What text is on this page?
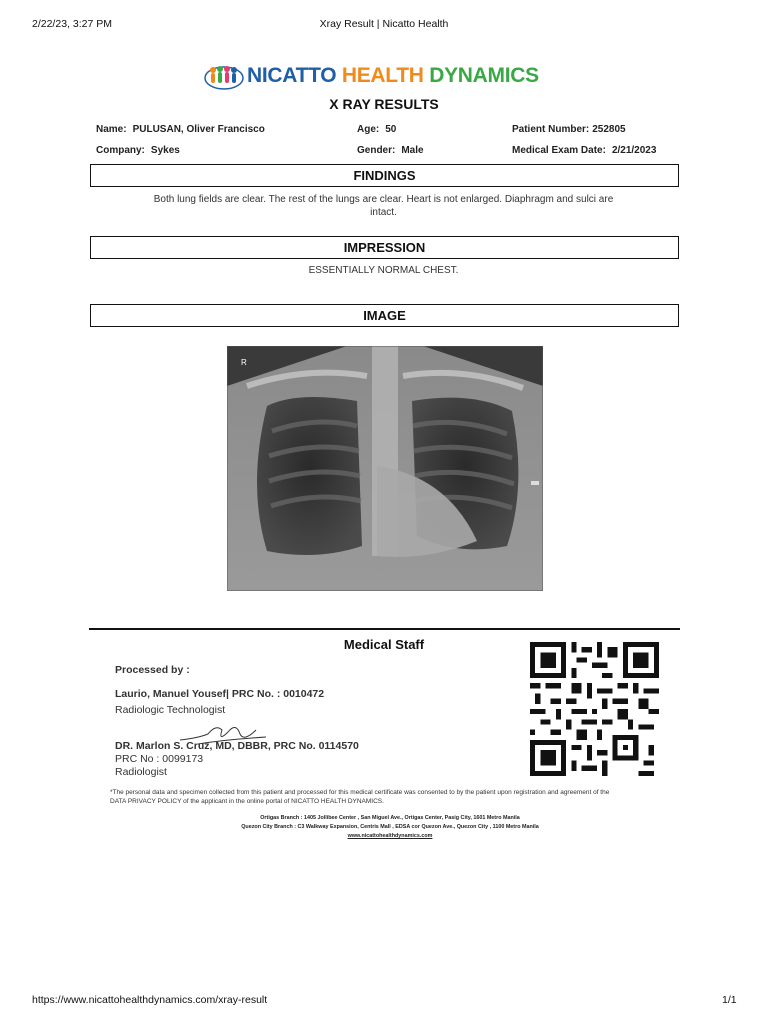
2/22/23, 3:27 PM	Xray Result | Nicatto Health
NICATTO HEALTH DYNAMICS
X RAY RESULTS
Name: PULUSAN, Oliver Francisco	Age: 50	Patient Number: 252805
Company: Sykes	Gender: Male	Medical Exam Date: 2/21/2023
FINDINGS
Both lung fields are clear. The rest of the lungs are clear. Heart is not enlarged. Diaphragm and sulci are
intact.
IMPRESSION
ESSENTIALLY NORMAL CHEST.
IMAGE
R
Medical Staff
Processed by :
Laurio, Manuel Yousef| PRC No. : 0010472
Radiologic Technologist
DR. Marlon S. Cruz, MD, DBBR, PRC No. 0114570
PRC No : 0099173
Radiologist
*The personal data and specimen collected from this patient and processed for this medical certificate was consented to by the patient upon registration and agreement of the
DATA PRIVACY POLICY of the applicant in the online portal of NICATTO HEALTH DYNAMICS.
Ortigas Branch : 1405 Jollibee Center , San Miguel Ave., Ortigas Center, Pasig City, 1601 Metro Manila
Quezon City Branch : C3 Walkway Expansion, Centris Mall , EDSA cor Quezon Ave., Quezon City , 1100 Metro Manila
www.nicattohealthdynamics.com
https://www.nicattohealthdynamics.com/xray-result	1/1
